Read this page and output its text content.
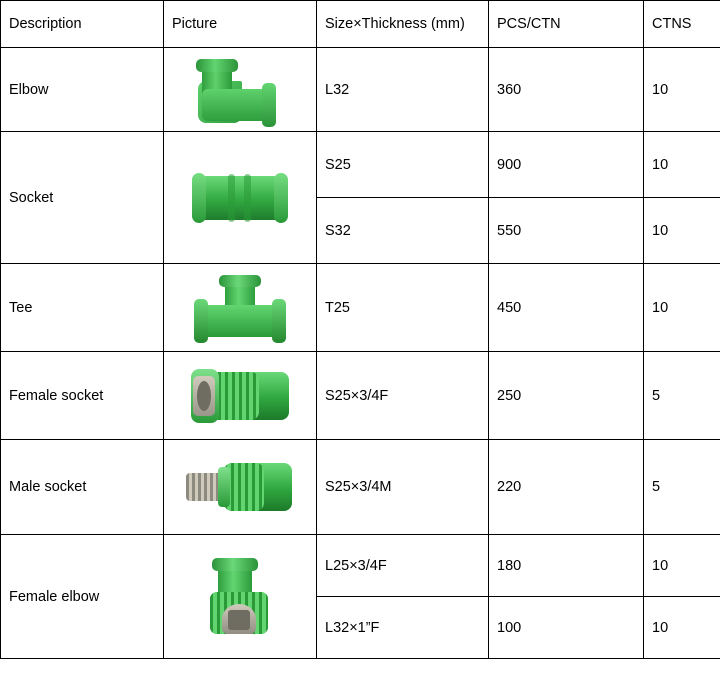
Description	Picture	Size×Thickness (mm)	PCS/CTN	CTNS
Elbow		L32	360	10
Socket		S25	900	10
		S32	550	10
Tee		T25	450	10
Female socket		S25×3/4F	250	5
Male socket		S25×3/4M	220	5
Female elbow		L25×3/4F	180	10
		L32×1”F	100	10
